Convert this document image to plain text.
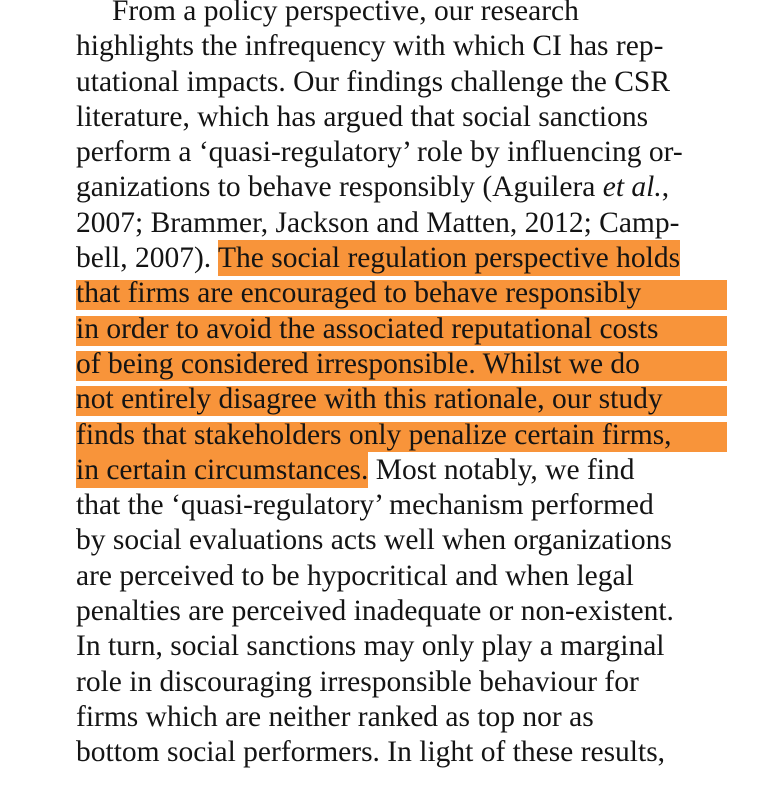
From a policy perspective, our research
highlights the infrequency with which CI has rep-
utational impacts. Our findings challenge the CSR
literature, which has argued that social sanctions
perform a ‘quasi-regulatory’ role by influencing or-
ganizations to behave responsibly (Aguilera et al.,
2007; Brammer, Jackson and Matten, 2012; Camp-
bell, 2007). The social regulation perspective holds
that firms are encouraged to behave responsibly
in order to avoid the associated reputational costs
of being considered irresponsible. Whilst we do
not entirely disagree with this rationale, our study
finds that stakeholders only penalize certain firms,
in certain circumstances. Most notably, we find
that the ‘quasi-regulatory’ mechanism performed
by social evaluations acts well when organizations
are perceived to be hypocritical and when legal
penalties are perceived inadequate or non-existent.
In turn, social sanctions may only play a marginal
role in discouraging irresponsible behaviour for
firms which are neither ranked as top nor as
bottom social performers. In light of these results,
